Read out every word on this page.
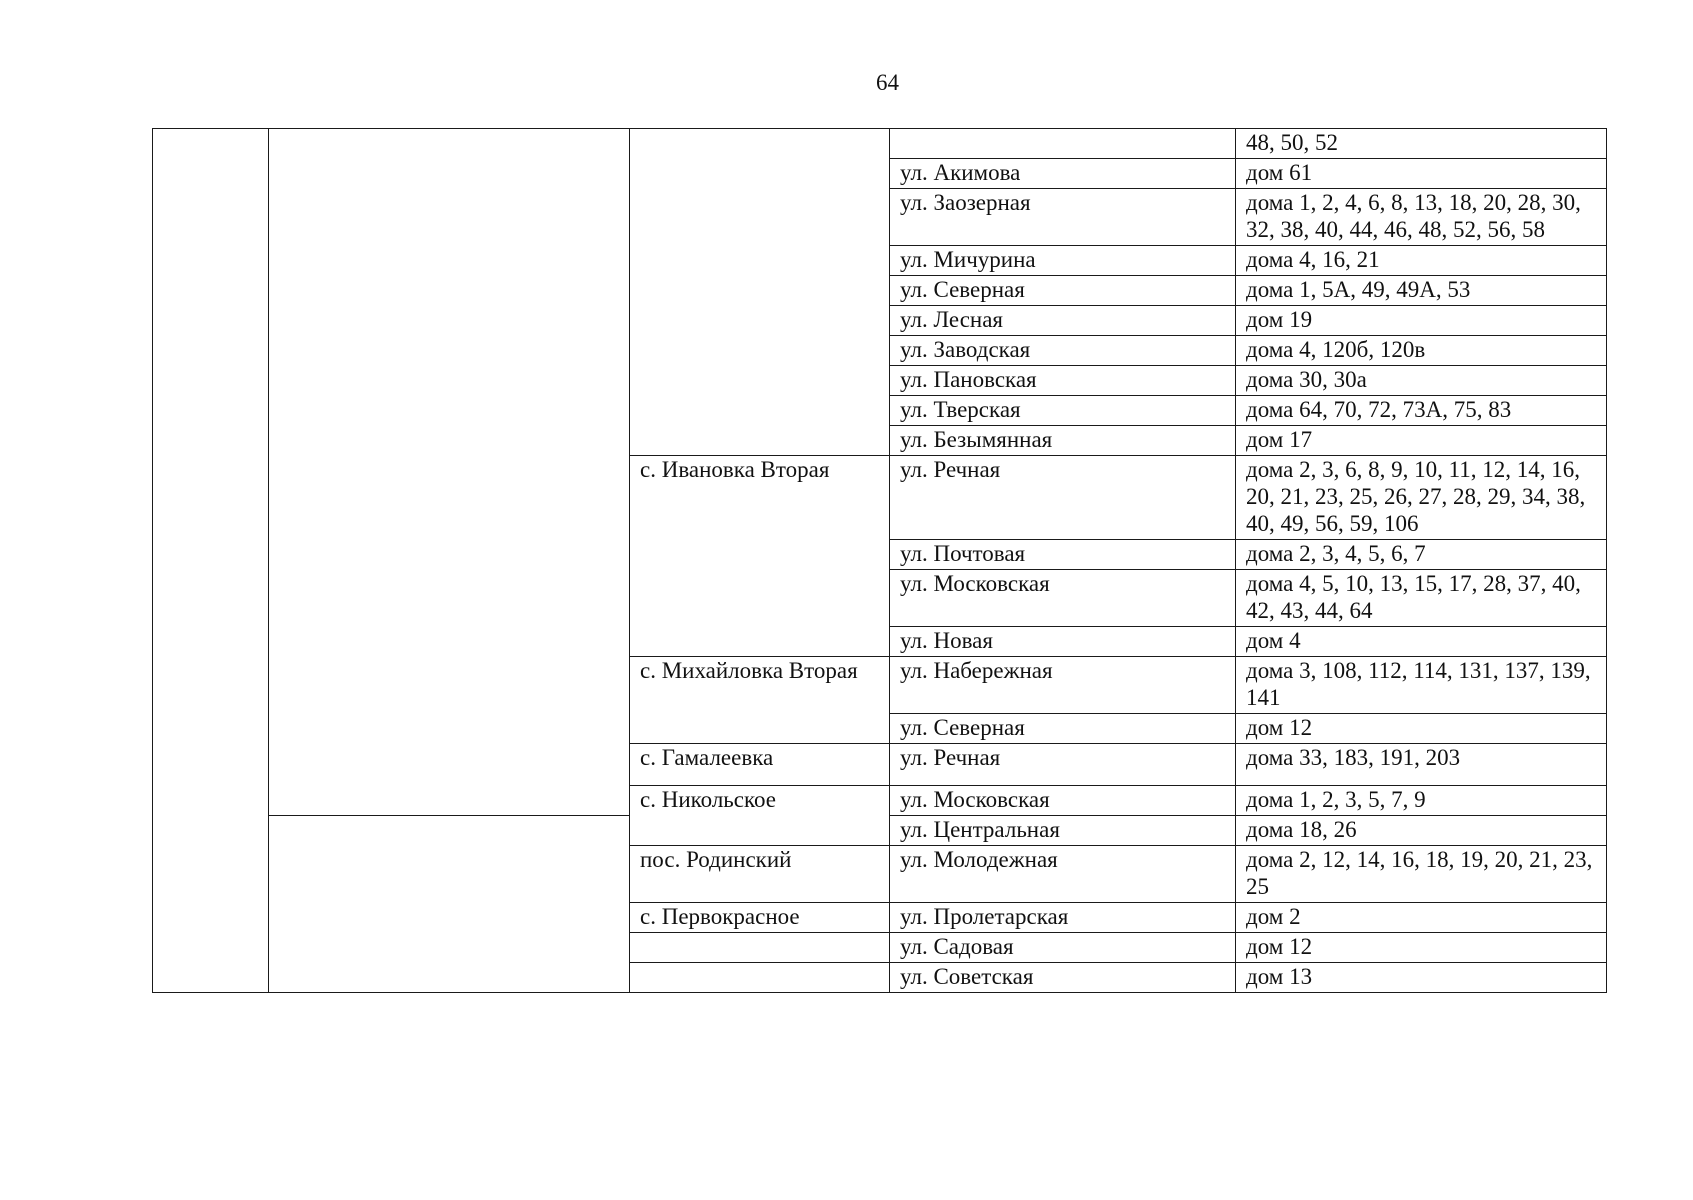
64
				48, 50, 52
			ул. Акимова	дом 61
			ул. Заозерная	дома 1, 2, 4, 6, 8, 13, 18, 20, 28, 30, 32, 38, 40, 44, 46, 48, 52, 56, 58
			ул. Мичурина	дома 4, 16, 21
			ул. Северная	дома 1, 5А, 49, 49А, 53
			ул. Лесная	дом 19
			ул. Заводская	дома 4, 120б, 120в
			ул. Пановская	дома 30, 30а
			ул. Тверская	дома 64, 70, 72, 73А, 75, 83
			ул. Безымянная	дом 17
		с. Ивановка Вторая	ул. Речная	дома 2, 3, 6, 8, 9, 10, 11, 12, 14, 16, 20, 21, 23, 25, 26, 27, 28, 29, 34, 38, 40, 49, 56, 59, 106
			ул. Почтовая	дома 2, 3, 4, 5, 6, 7
			ул. Московская	дома 4, 5, 10, 13, 15, 17, 28, 37, 40, 42, 43, 44, 64
			ул. Новая	дом 4
		с. Михайловка Вторая	ул. Набережная	дома 3, 108, 112, 114, 131, 137, 139, 141
			ул. Северная	дом 12
		с. Гамалеевка	ул. Речная	дома 33, 183, 191, 203
		с. Никольское	ул. Московская	дома 1, 2, 3, 5, 7, 9
			ул. Центральная	дома 18, 26
		пос. Родинский	ул. Молодежная	дома 2, 12, 14, 16, 18, 19, 20, 21, 23, 25
		с. Первокрасное	ул. Пролетарская	дом 2
			ул. Садовая	дом 12
			ул. Советская	дом 13
